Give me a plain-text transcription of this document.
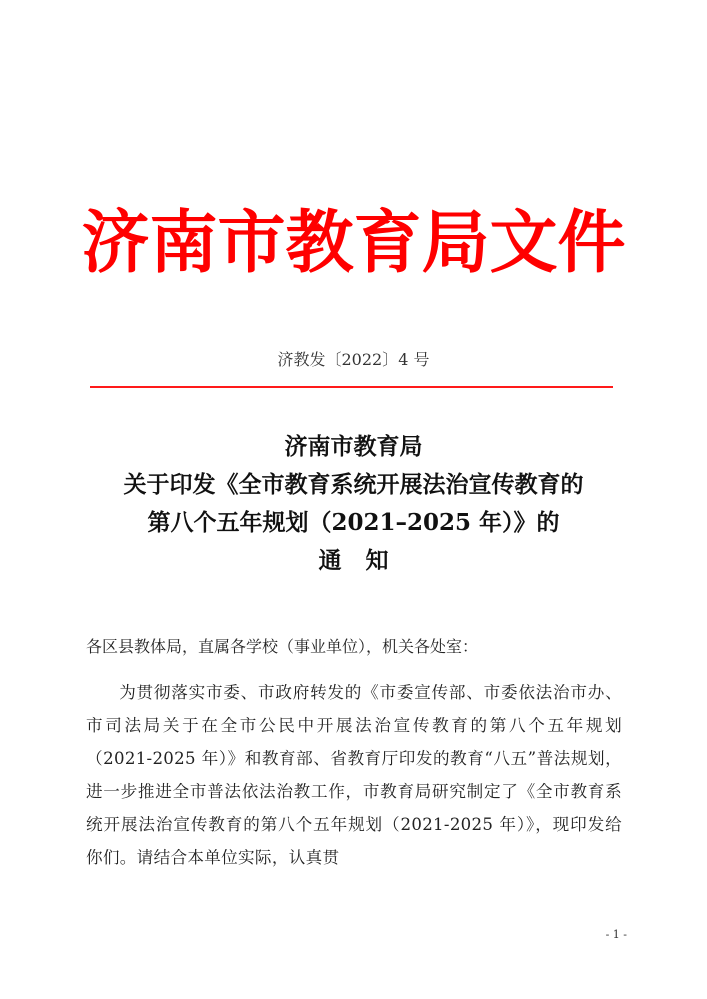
济南市教育局文件
济教发〔2022〕4 号
济南市教育局
关于印发《全市教育系统开展法治宣传教育的
第八个五年规划（2021–2025 年）》的
通知
各区县教体局，直属各学校（事业单位），机关各处室：
为贯彻落实市委、市政府转发的《市委宣传部、市委依法治市办、市司法局关于在全市公民中开展法治宣传教育的第八个五年规划（2021-2025 年）》和教育部、省教育厅印发的教育“八五”普法规划，进一步推进全市普法依法治教工作，市教育局研究制定了《全市教育系统开展法治宣传教育的第八个五年规划（2021-2025 年）》，现印发给你们。请结合本单位实际，认真贯
- 1 -
